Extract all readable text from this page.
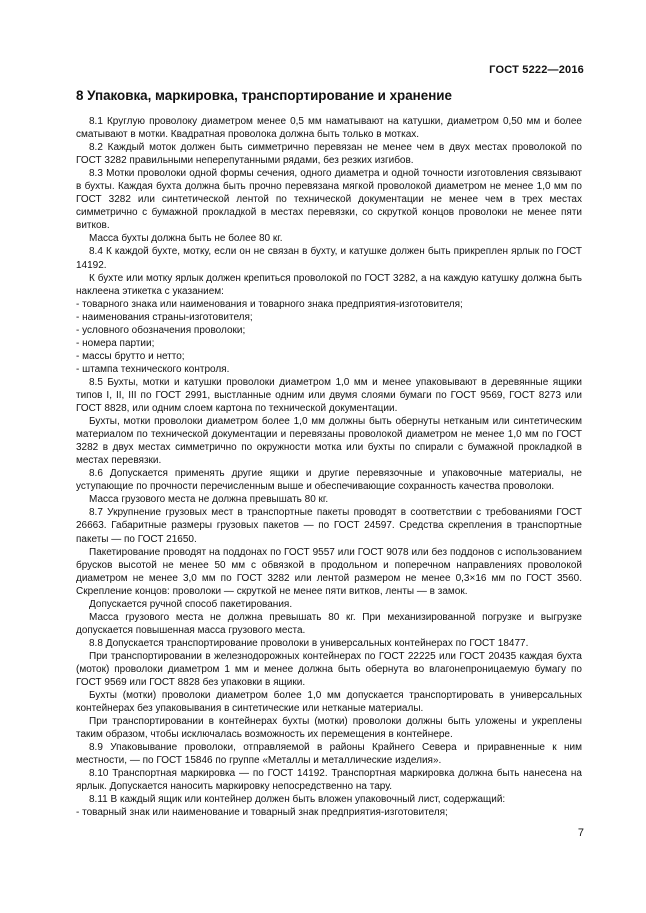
ГОСТ 5222—2016
8 Упаковка, маркировка, транспортирование и хранение

8.1 Круглую проволоку диаметром менее 0,5 мм наматывают на катушки, диаметром 0,50 мм и более сматывают в мотки. Квадратная проволока должна быть только в мотках.

8.2 Каждый моток должен быть симметрично перевязан не менее чем в двух местах проволокой по ГОСТ 3282 правильными неперепутанными рядами, без резких изгибов.

8.3 Мотки проволоки одной формы сечения, одного диаметра и одной точности изготовления связывают в бухты. Каждая бухта должна быть прочно перевязана мягкой проволокой диаметром не менее 1,0 мм по ГОСТ 3282 или синтетической лентой по технической документации не менее чем в трех местах симметрично с бумажной прокладкой в местах перевязки, со скруткой концов проволоки не менее пяти витков.

Масса бухты должна быть не более 80 кг.

8.4 К каждой бухте, мотку, если он не связан в бухту, и катушке должен быть прикреплен ярлык по ГОСТ 14192.

К бухте или мотку ярлык должен крепиться проволокой по ГОСТ 3282, а на каждую катушку должна быть наклеена этикетка с указанием:

- товарного знака или наименования и товарного знака предприятия-изготовителя;

- наименования страны-изготовителя;

- условного обозначения проволоки;

- номера партии;

- массы брутто и нетто;

- штампа технического контроля.

8.5 Бухты, мотки и катушки проволоки диаметром 1,0 мм и менее упаковывают в деревянные ящики типов I, II, III по ГОСТ 2991, выстланные одним или двумя слоями бумаги по ГОСТ 9569, ГОСТ 8273 или ГОСТ 8828, или одним слоем картона по технической документации.

Бухты, мотки проволоки диаметром более 1,0 мм должны быть обернуты нетканым или синтетическим материалом по технической документации и перевязаны проволокой диаметром не менее 1,0 мм по ГОСТ 3282 в двух местах симметрично по окружности мотка или бухты по спирали с бумажной прокладкой в местах перевязки.

8.6 Допускается применять другие ящики и другие перевязочные и упаковочные материалы, не уступающие по прочности перечисленным выше и обеспечивающие сохранность качества проволоки.

Масса грузового места не должна превышать 80 кг.

8.7 Укрупнение грузовых мест в транспортные пакеты проводят в соответствии с требованиями ГОСТ 26663. Габаритные размеры грузовых пакетов — по ГОСТ 24597. Средства скрепления в транспортные пакеты — по ГОСТ 21650.

Пакетирование проводят на поддонах по ГОСТ 9557 или ГОСТ 9078 или без поддонов с использованием брусков высотой не менее 50 мм с обвязкой в продольном и поперечном направлениях проволокой диаметром не менее 3,0 мм по ГОСТ 3282 или лентой размером не менее 0,3×16 мм по ГОСТ 3560. Скрепление концов: проволоки — скруткой не менее пяти витков, ленты — в замок.

Допускается ручной способ пакетирования.

Масса грузового места не должна превышать 80 кг. При механизированной погрузке и выгрузке допускается повышенная масса грузового места.

8.8 Допускается транспортирование проволоки в универсальных контейнерах по ГОСТ 18477.

При транспортировании в железнодорожных контейнерах по ГОСТ 22225 или ГОСТ 20435 каждая бухта (моток) проволоки диаметром 1 мм и менее должна быть обернута во влагонепроницаемую бумагу по ГОСТ 9569 или ГОСТ 8828 без упаковки в ящики.

Бухты (мотки) проволоки диаметром более 1,0 мм допускается транспортировать в универсальных контейнерах без упаковывания в синтетические или нетканые материалы.

При транспортировании в контейнерах бухты (мотки) проволоки должны быть уложены и укреплены таким образом, чтобы исключалась возможность их перемещения в контейнере.

8.9 Упаковывание проволоки, отправляемой в районы Крайнего Севера и приравненные к ним местности, — по ГОСТ 15846 по группе «Металлы и металлические изделия».

8.10 Транспортная маркировка — по ГОСТ 14192. Транспортная маркировка должна быть нанесена на ярлык. Допускается наносить маркировку непосредственно на тару.

8.11 В каждый ящик или контейнер должен быть вложен упаковочный лист, содержащий:

- товарный знак или наименование и товарный знак предприятия-изготовителя;

7
